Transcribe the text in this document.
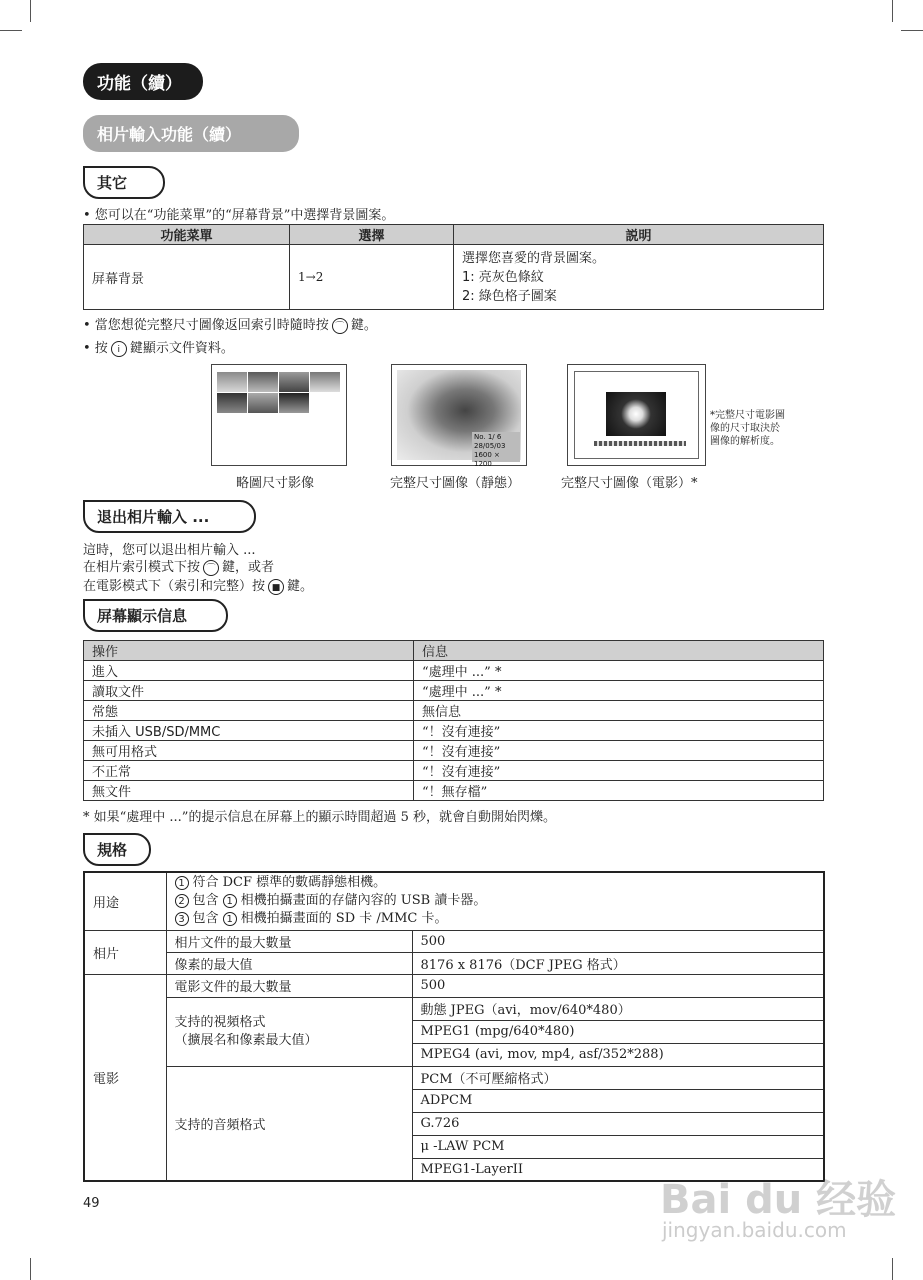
功能（續）
相片輸入功能（續）
其它
• 您可以在“功能菜單”的“屏幕背景”中選擇背景圖案。
功能菜單	選擇	説明
屏幕背景	1→2	選擇您喜愛的背景圖案。
1: 亮灰色條紋
2: 綠色格子圖案
• 當您想從完整尺寸圖像返回索引時隨時按 ⌒ 鍵。
• 按 i 鍵顯示文件資料。
略圖尺寸影像
No. 1/ 6
28/05/03
1600 × 1200
完整尺寸圖像（靜態）	完整尺寸圖像（電影）*
*完整尺寸電影圖
像的尺寸取決於
圖像的解析度。
退出相片輸入 ...
這時，您可以退出相片輸入 ...
在相片索引模式下按 ⌒ 鍵，或者
在電影模式下（索引和完整）按 ■ 鍵。
屏幕顯示信息
操作	信息
進入	“處理中 ...” *
讀取文件	“處理中 ...” *
常態	無信息
未插入 USB/SD/MMC	“！沒有連接”
無可用格式	“！沒有連接”
不正常	“！沒有連接”
無文件	“！無存檔”
* 如果“處理中 ...”的提示信息在屏幕上的顯示時間超過 5 秒，就會自動開始閃爍。
規格
用途	1 符合 DCF 標準的數碼靜態相機。
2 包含 1 相機拍攝畫面的存儲內容的 USB 讀卡器。
3 包含 1 相機拍攝畫面的 SD 卡 /MMC 卡。	

相片	相片文件的最大數量	500
	像素的最大值	8176 x 8176（DCF JPEG 格式）
電影	電影文件的最大數量	500

	支持的視頻格式
（擴展名和像素最大值）	動態 JPEG（avi，mov/640*480）
		MPEG1 (mpg/640*480)
		MPEG4 (avi, mov, mp4, asf/352*288)
	支持的音頻格式	PCM（不可壓縮格式）
		ADPCM
		G.726
		μ -LAW PCM
		MPEG1-LayerII
49	Bai du 经验
jingyan.baidu.com
